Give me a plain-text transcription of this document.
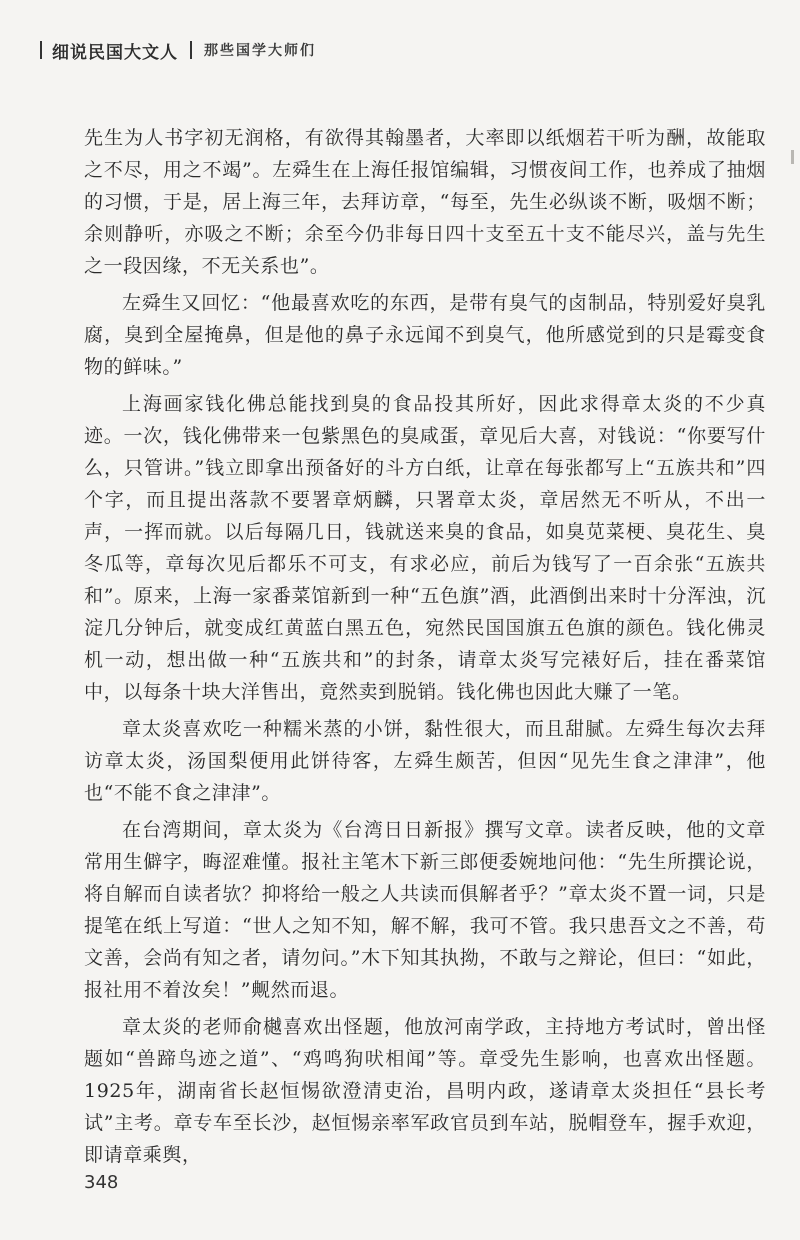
细说民国大文人 那些国学大师们

先生为人书字初无润格，有欲得其翰墨者，大率即以纸烟若干听为酬，故能取之不尽，用之不竭”。左舜生在上海任报馆编辑，习惯夜间工作，也养成了抽烟的习惯，于是，居上海三年，去拜访章，“每至，先生必纵谈不断，吸烟不断；余则静听，亦吸之不断；余至今仍非每日四十支至五十支不能尽兴，盖与先生之一段因缘，不无关系也”。

左舜生又回忆：“他最喜欢吃的东西，是带有臭气的卤制品，特别爱好臭乳腐，臭到全屋掩鼻，但是他的鼻子永远闻不到臭气，他所感觉到的只是霉变食物的鲜味。”

上海画家钱化佛总能找到臭的食品投其所好，因此求得章太炎的不少真迹。一次，钱化佛带来一包紫黑色的臭咸蛋，章见后大喜，对钱说：“你要写什么，只管讲。”钱立即拿出预备好的斗方白纸，让章在每张都写上“五族共和”四个字，而且提出落款不要署章炳麟，只署章太炎，章居然无不听从，不出一声，一挥而就。以后每隔几日，钱就送来臭的食品，如臭苋菜梗、臭花生、臭冬瓜等，章每次见后都乐不可支，有求必应，前后为钱写了一百余张“五族共和”。原来，上海一家番菜馆新到一种“五色旗”酒，此酒倒出来时十分浑浊，沉淀几分钟后，就变成红黄蓝白黑五色，宛然民国国旗五色旗的颜色。钱化佛灵机一动，想出做一种“五族共和”的封条，请章太炎写完裱好后，挂在番菜馆中，以每条十块大洋售出，竟然卖到脱销。钱化佛也因此大赚了一笔。

章太炎喜欢吃一种糯米蒸的小饼，黏性很大，而且甜腻。左舜生每次去拜访章太炎，汤国梨便用此饼待客，左舜生颇苦，但因“见先生食之津津”，他也“不能不食之津津”。

在台湾期间，章太炎为《台湾日日新报》撰写文章。读者反映，他的文章常用生僻字，晦涩难懂。报社主笔木下新三郎便委婉地问他：“先生所撰论说，将自解而自读者欤？抑将给一般之人共读而俱解者乎？”章太炎不置一词，只是提笔在纸上写道：“世人之知不知，解不解，我可不管。我只患吾文之不善，苟文善，会尚有知之者，请勿问。”木下知其执拗，不敢与之辩论，但曰：“如此，报社用不着汝矣！”觍然而退。

章太炎的老师俞樾喜欢出怪题，他放河南学政，主持地方考试时，曾出怪题如“兽蹄鸟迹之道”、“鸡鸣狗吠相闻”等。章受先生影响，也喜欢出怪题。1925年，湖南省长赵恒惕欲澄清吏治，昌明内政，遂请章太炎担任“县长考试”主考。章专车至长沙，赵恒惕亲率军政官员到车站，脱帽登车，握手欢迎，即请章乘舆，

348
